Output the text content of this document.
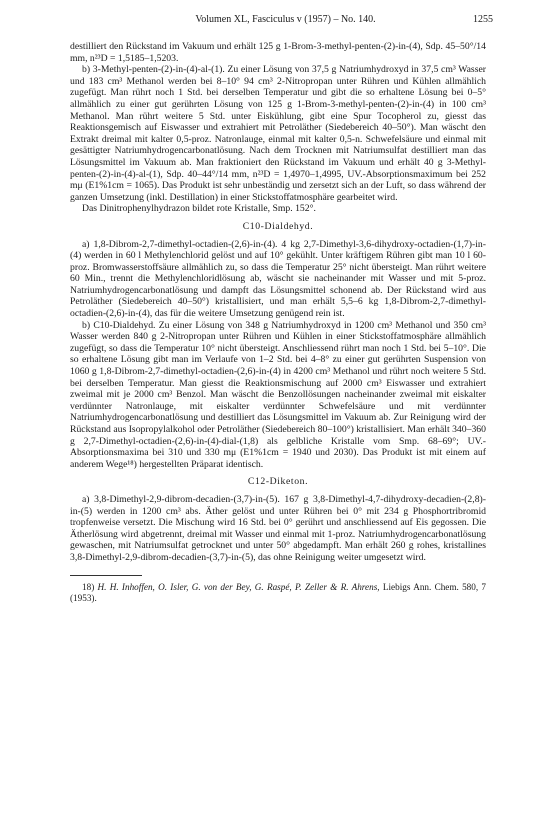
Volumen XL, Fasciculus v (1957) – No. 140.	1255

destilliert den Rückstand im Vakuum und erhält 125 g 1-Brom-3-methyl-penten-(2)-in-(4), Sdp. 45–50°/14 mm, n²³D = 1,5185–1,5203.

b) 3-Methyl-penten-(2)-in-(4)-al-(1). Zu einer Lösung von 37,5 g Natriumhydroxyd in 37,5 cm³ Wasser und 183 cm³ Methanol werden bei 8–10° 94 cm³ 2-Nitropropan unter Rühren und Kühlen allmählich zugefügt. Man rührt noch 1 Std. bei derselben Temperatur und gibt die so erhaltene Lösung bei 0–5° allmählich zu einer gut gerührten Lösung von 125 g 1-Brom-3-methyl-penten-(2)-in-(4) in 100 cm³ Methanol. Man rührt weitere 5 Std. unter Eiskühlung, gibt eine Spur Tocopherol zu, giesst das Reaktionsgemisch auf Eiswasser und extrahiert mit Petroläther (Siedebereich 40–50°). Man wäscht den Extrakt dreimal mit kalter 0,5-proz. Natronlauge, einmal mit kalter 0,5-n. Schwefelsäure und einmal mit gesättigter Natriumhydrogencarbonatlösung. Nach dem Trocknen mit Natriumsulfat destilliert man das Lösungsmittel im Vakuum ab. Man fraktioniert den Rückstand im Vakuum und erhält 40 g 3-Methyl-penten-(2)-in-(4)-al-(1), Sdp. 40–44°/14 mm, n²³D = 1,4970–1,4995, UV.-Absorptionsmaximum bei 252 mμ (E1%1cm = 1065). Das Produkt ist sehr unbeständig und zersetzt sich an der Luft, so dass während der ganzen Umsetzung (inkl. Destillation) in einer Stickstoffatmosphäre gearbeitet wird.

Das Dinitrophenylhydrazon bildet rote Kristalle, Smp. 152°.

C10-Dialdehyd.

a) 1,8-Dibrom-2,7-dimethyl-octadien-(2,6)-in-(4). 4 kg 2,7-Dimethyl-3,6-dihydroxy-octadien-(1,7)-in-(4) werden in 60 l Methylenchlorid gelöst und auf 10° gekühlt. Unter kräftigem Rühren gibt man 10 l 60-proz. Bromwasserstoffsäure allmählich zu, so dass die Temperatur 25° nicht übersteigt. Man rührt weitere 60 Min., trennt die Methylenchloridlösung ab, wäscht sie nacheinander mit Wasser und mit 5-proz. Natriumhydrogencarbonatlösung und dampft das Lösungsmittel schonend ab. Der Rückstand wird aus Petroläther (Siedebereich 40–50°) kristallisiert, und man erhält 5,5–6 kg 1,8-Dibrom-2,7-dimethyl-octadien-(2,6)-in-(4), das für die weitere Umsetzung genügend rein ist.

b) C10-Dialdehyd. Zu einer Lösung von 348 g Natriumhydroxyd in 1200 cm³ Methanol und 350 cm³ Wasser werden 840 g 2-Nitropropan unter Rühren und Kühlen in einer Stickstoffatmosphäre allmählich zugefügt, so dass die Temperatur 10° nicht übersteigt. Anschliessend rührt man noch 1 Std. bei 5–10°. Die so erhaltene Lösung gibt man im Verlaufe von 1–2 Std. bei 4–8° zu einer gut gerührten Suspension von 1060 g 1,8-Dibrom-2,7-dimethyl-octadien-(2,6)-in-(4) in 4200 cm³ Methanol und rührt noch weitere 5 Std. bei derselben Temperatur. Man giesst die Reaktionsmischung auf 2000 cm³ Eiswasser und extrahiert zweimal mit je 2000 cm³ Benzol. Man wäscht die Benzollösungen nacheinander zweimal mit eiskalter verdünnter Natronlauge, mit eiskalter verdünnter Schwefelsäure und mit verdünnter Natriumhydrogencarbonatlösung und destilliert das Lösungsmittel im Vakuum ab. Zur Reinigung wird der Rückstand aus Isopropylalkohol oder Petroläther (Siedebereich 80–100°) kristallisiert. Man erhält 340–360 g 2,7-Dimethyl-octadien-(2,6)-in-(4)-dial-(1,8) als gelbliche Kristalle vom Smp. 68–69°; UV.-Absorptionsmaxima bei 310 und 330 mμ (E1%1cm = 1940 und 2030). Das Produkt ist mit einem auf anderem Wege¹⁸) hergestellten Präparat identisch.

C12-Diketon.

a) 3,8-Dimethyl-2,9-dibrom-decadien-(3,7)-in-(5). 167 g 3,8-Dimethyl-4,7-dihydroxy-decadien-(2,8)-in-(5) werden in 1200 cm³ abs. Äther gelöst und unter Rühren bei 0° mit 234 g Phosphortribromid tropfenweise versetzt. Die Mischung wird 16 Std. bei 0° gerührt und anschliessend auf Eis gegossen. Die Ätherlösung wird abgetrennt, dreimal mit Wasser und einmal mit 1-proz. Natriumhydrogencarbonatlösung gewaschen, mit Natriumsulfat getrocknet und unter 50° abgedampft. Man erhält 260 g rohes, kristallines 3,8-Dimethyl-2,9-dibrom-decadien-(3,7)-in-(5), das ohne Reinigung weiter umgesetzt wird.

18) H. H. Inhoffen, O. Isler, G. von der Bey, G. Raspé, P. Zeller & R. Ahrens, Liebigs Ann. Chem. 580, 7 (1953).
